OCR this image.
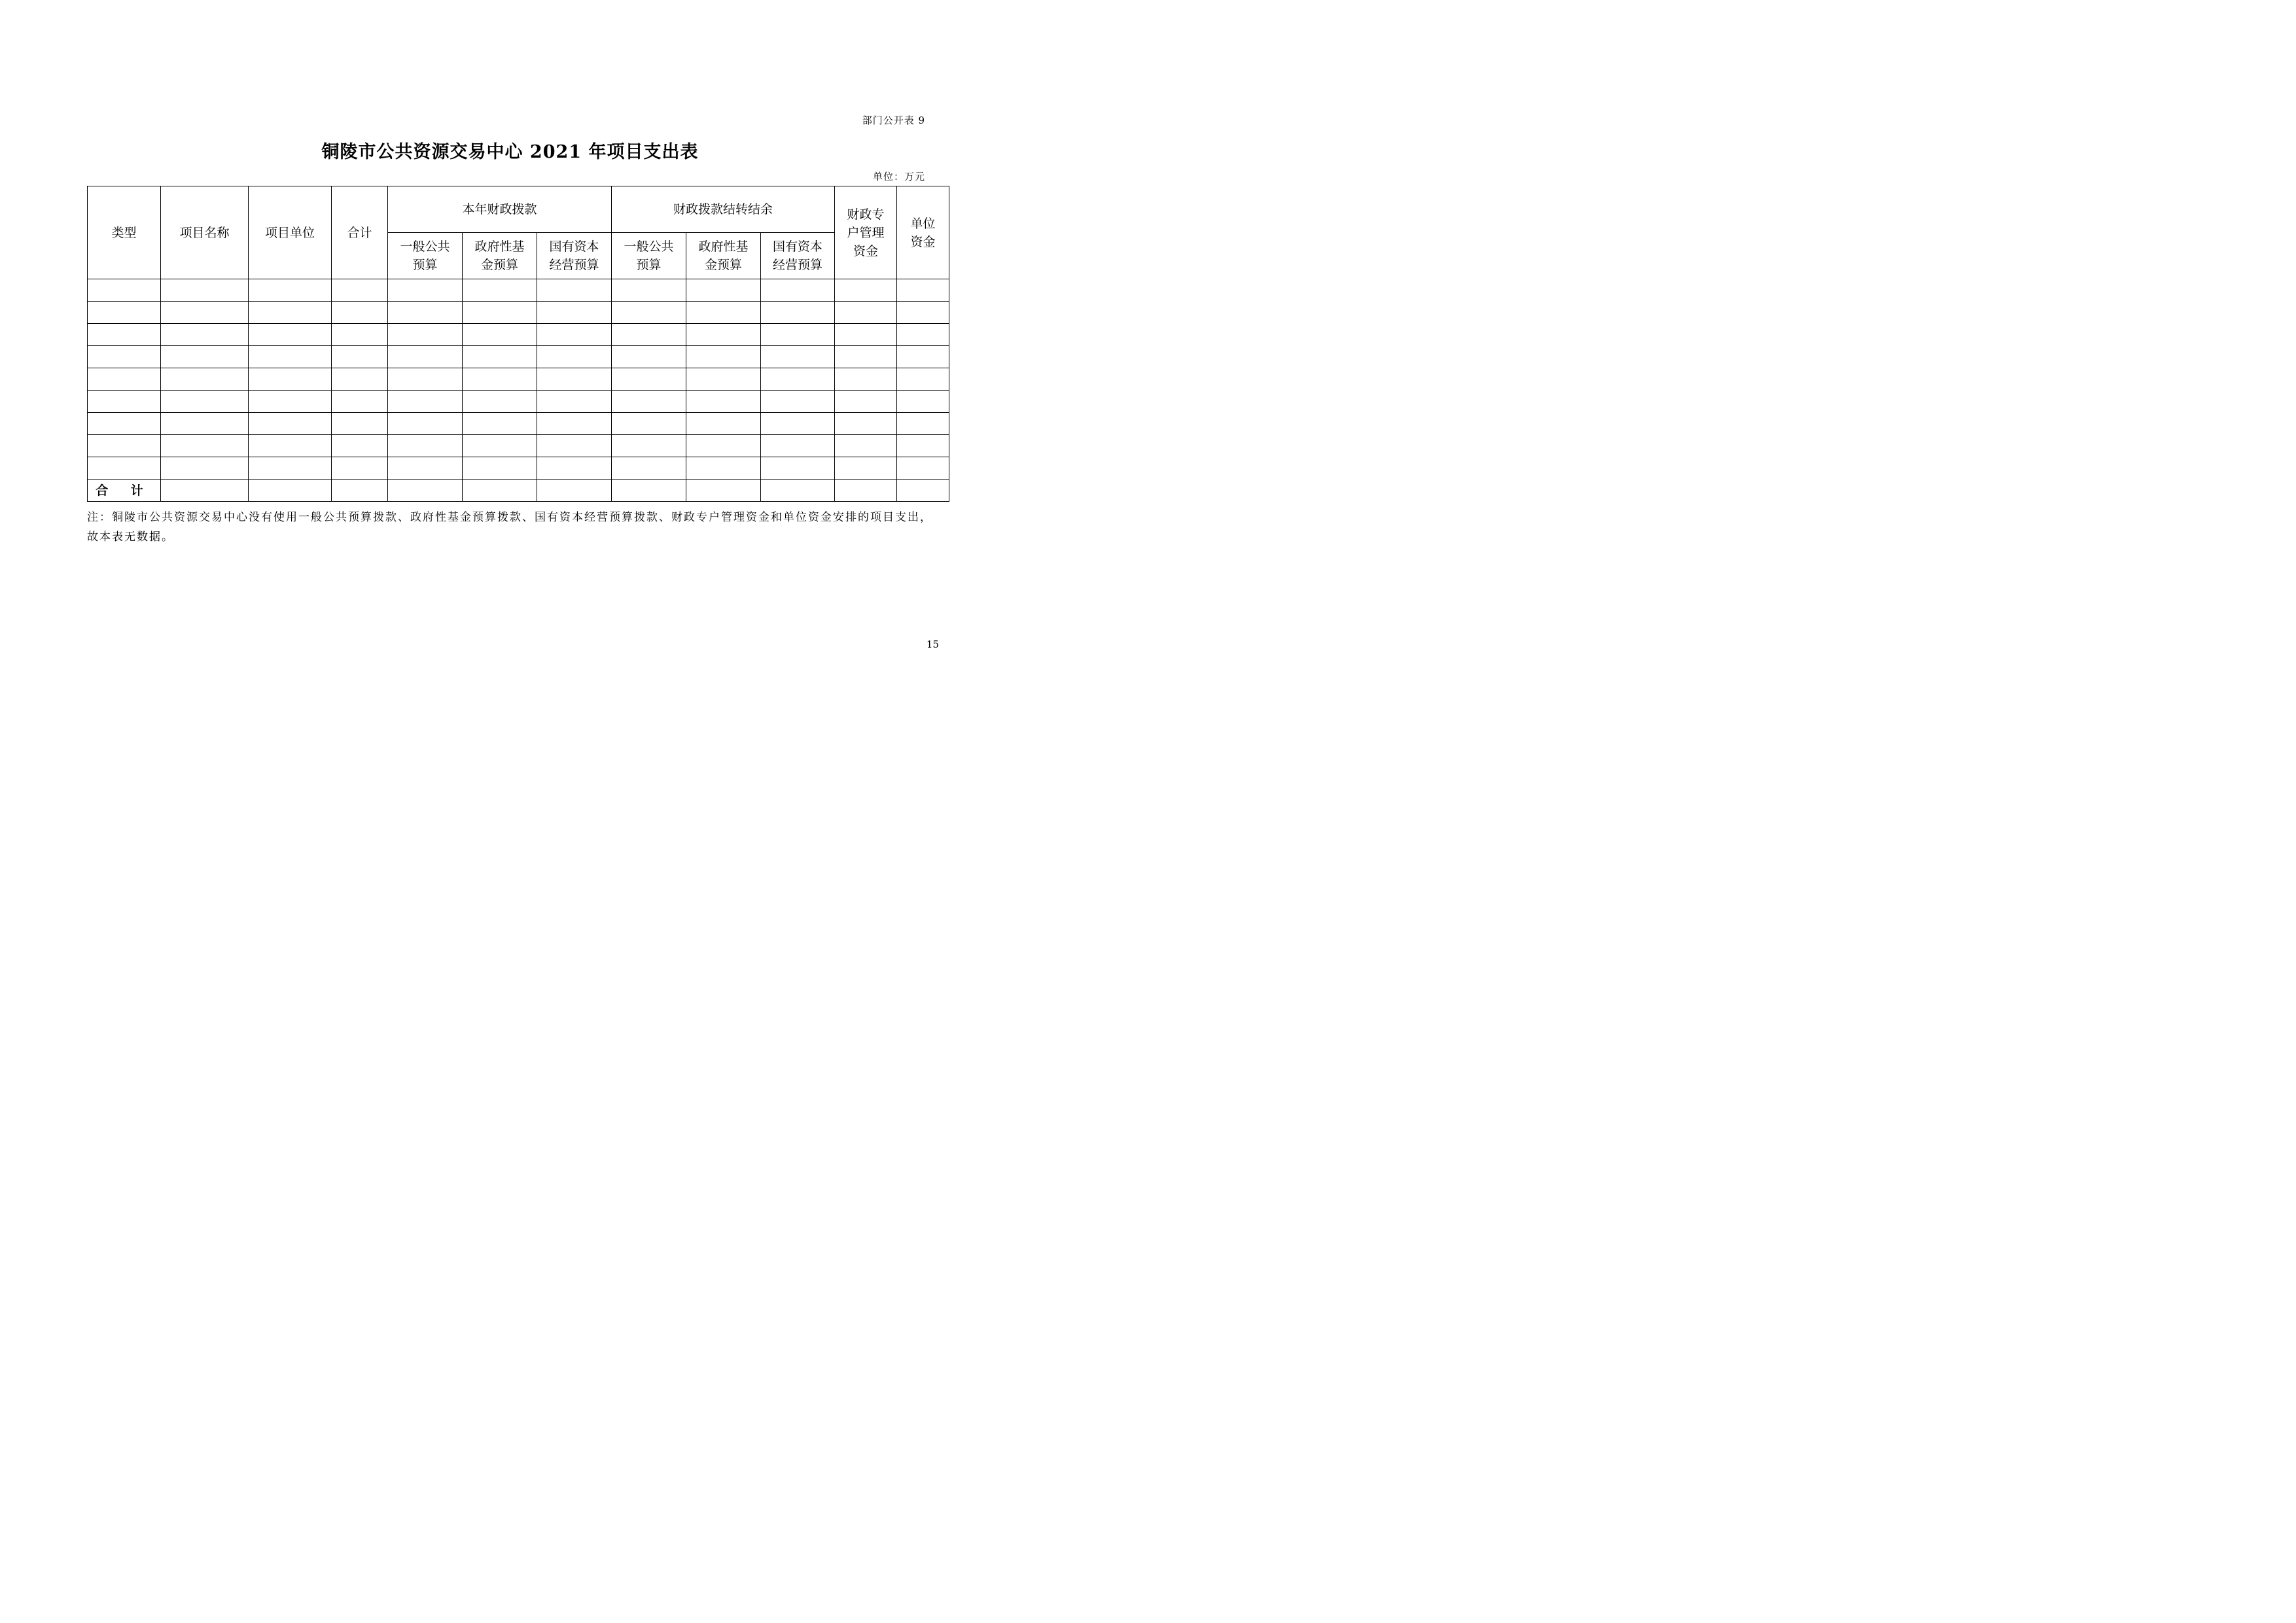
部门公开表 9
铜陵市公共资源交易中心 2021 年项目支出表
单位：万元
类型	项目名称	项目单位	合计	本年财政拨款			财政拨款结转结余			财政专户管理资金	单位资金
				一般公共预算	政府性基金预算	国有资本经营预算	一般公共预算	政府性基金预算	国有资本经营预算		

合 计											
注：铜陵市公共资源交易中心没有使用一般公共预算拨款、政府性基金预算拨款、国有资本经营预算拨款、财政专户管理资金和单位资金安排的项目支出，故本表无数据。
15
